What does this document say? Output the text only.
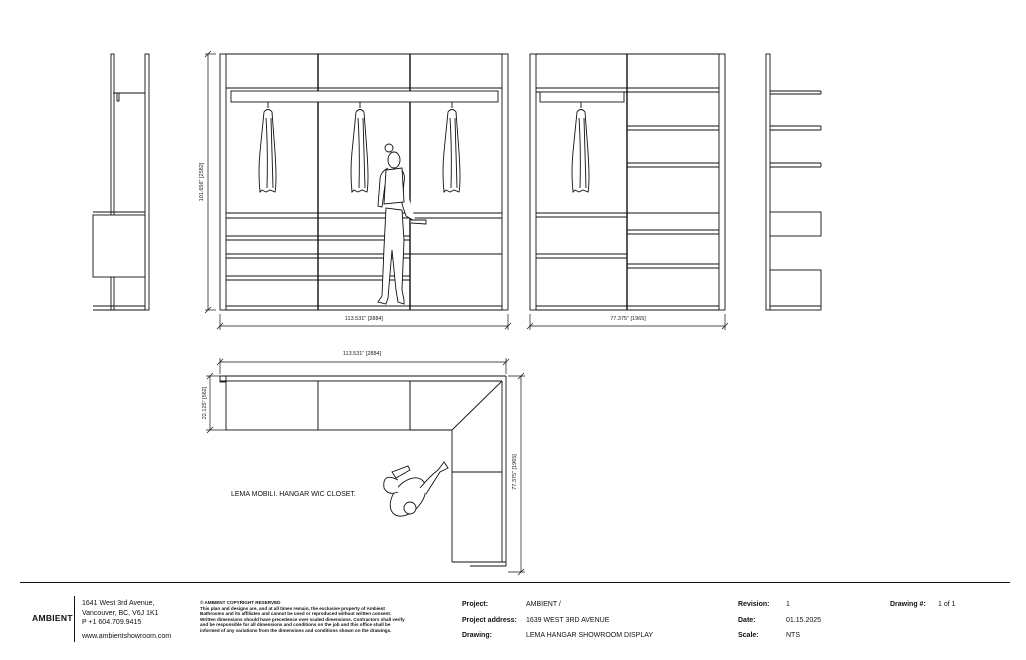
101.656" [2582]
113.531" [2884]	77.375" [1965]
LEMA MOBILI. HANGAR WIC CLOSET.
113.531" [2884]
22.125" [562]
77.375" [1965]
AMBIENT
1641 West 3rd Avenue,
Vancouver, BC, V6J 1K1
P +1 604.709.9415
www.ambientshowroom.com
© AMBIENT COPYRIGHT RESERVED
This plan and designs are, and at all times remain, the exclusive property of Ambient Bathrooms and its affiliates and cannot be used or reproduced without written consent. Written dimensions should have precedence over scaled dimensions. Contractors shall verify and be responsible for all dimensions and conditions on the job and this office shall be informed of any variations from the dimensions and conditions shown on the drawings.
Project:	AMBIENT /
Project address: 1639 WEST 3RD AVENUE
Drawing:	LEMA HANGAR SHOWROOM DISPLAY
Revision: 1
Date:	01.15.2025
Scale:	NTS
Drawing #: 1 of 1
